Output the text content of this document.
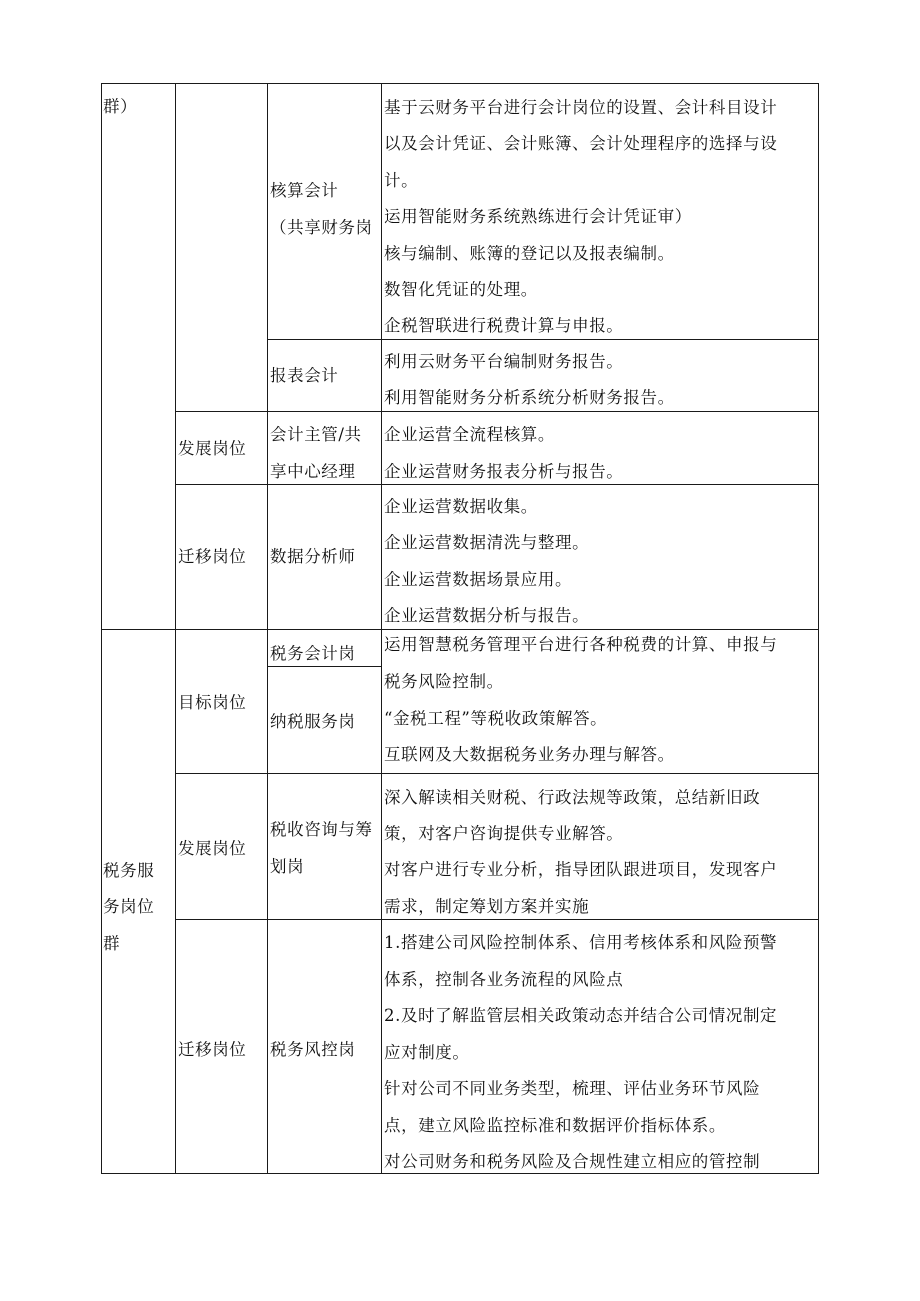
群）
核算会计
（共享财务岗
基于云财务平台进行会计岗位的设置、会计科目设计
以及会计凭证、会计账簿、会计处理程序的选择与设
计。
运用智能财务系统熟练进行会计凭证审）
核与编制、账簿的登记以及报表编制。
数智化凭证的处理。
企税智联进行税费计算与申报。
报表会计
利用云财务平台编制财务报告。
利用智能财务分析系统分析财务报告。
发展岗位
会计主管/共
享中心经理
企业运营全流程核算。
企业运营财务报表分析与报告。
迁移岗位 数据分析师
企业运营数据收集。
企业运营数据清洗与整理。
企业运营数据场景应用。
企业运营数据分析与报告。
税务服
务岗位
群
目标岗位
税务会计岗
纳税服务岗
运用智慧税务管理平台进行各种税费的计算、申报与
税务风险控制。
“金税工程”等税收政策解答。
互联网及大数据税务业务办理与解答。
发展岗位
税收咨询与筹
划岗
深入解读相关财税、行政法规等政策，总结新旧政
策，对客户咨询提供专业解答。
对客户进行专业分析，指导团队跟进项目，发现客户
需求，制定筹划方案并实施
迁移岗位 税务风控岗
1.搭建公司风险控制体系、信用考核体系和风险预警
体系，控制各业务流程的风险点
2.及时了解监管层相关政策动态并结合公司情况制定
应对制度。
针对公司不同业务类型，梳理、评估业务环节风险
点，建立风险监控标准和数据评价指标体系。
对公司财务和税务风险及合规性建立相应的管控制
